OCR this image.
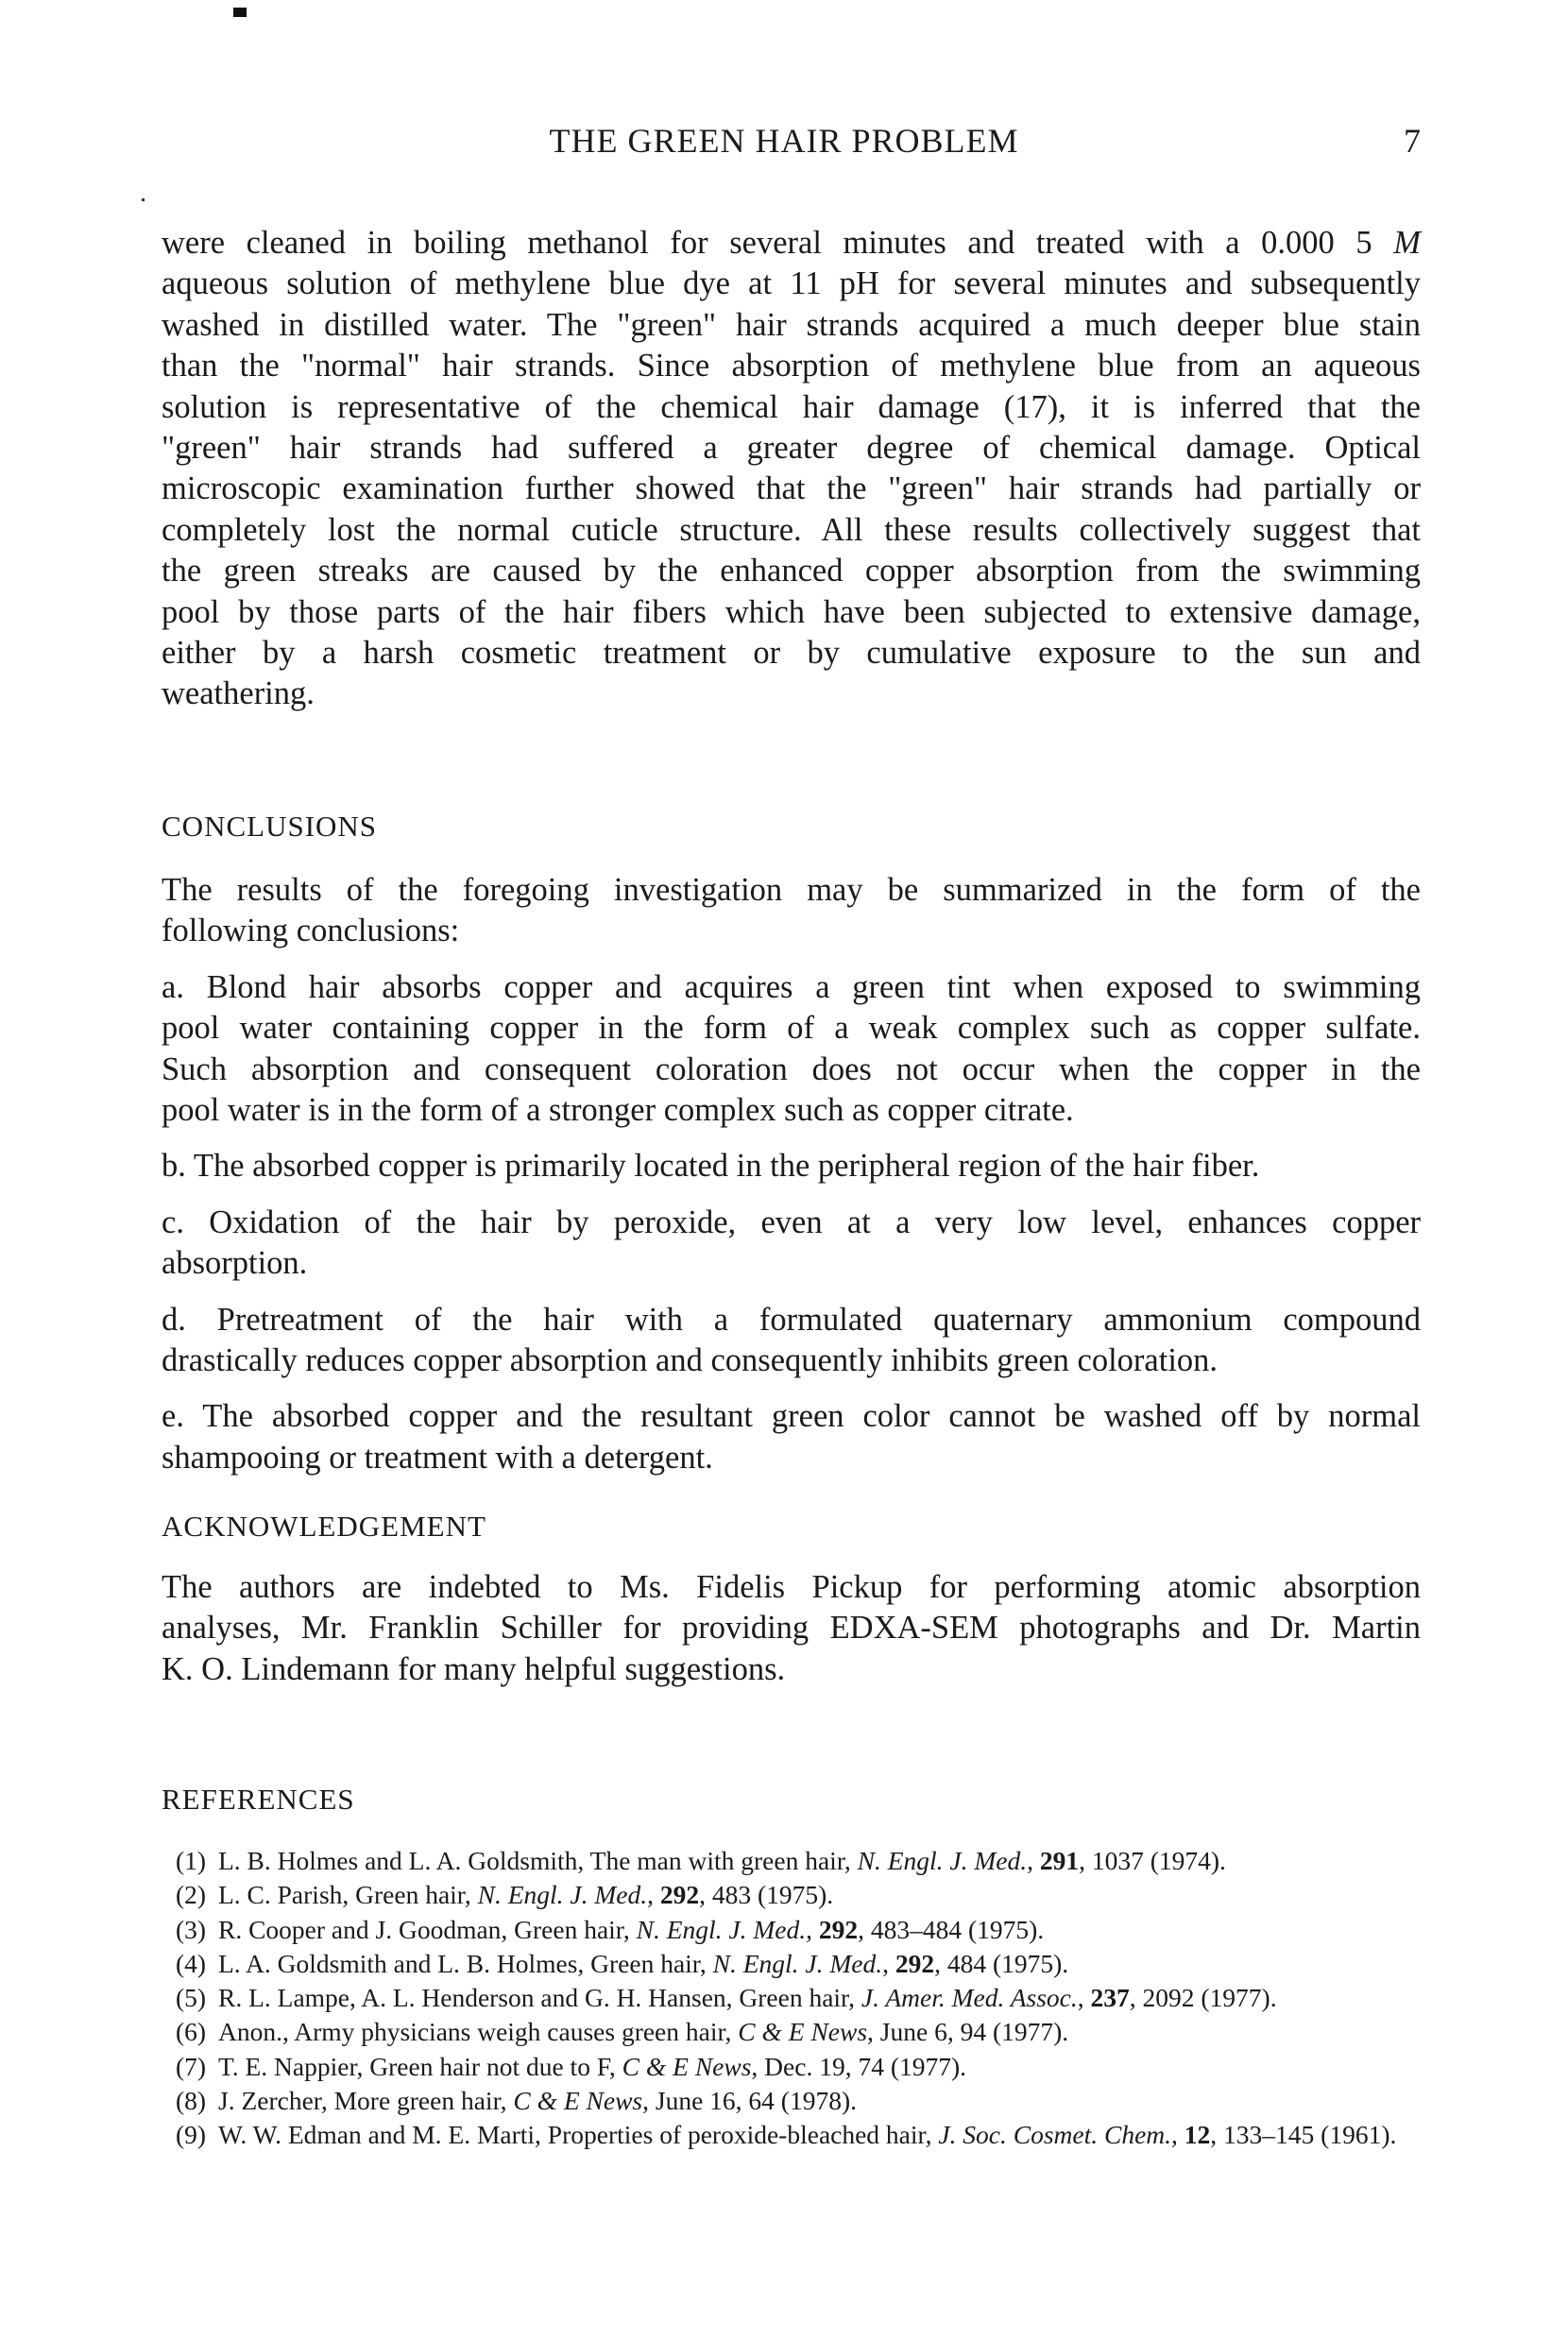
THE GREEN HAIR PROBLEM	7
were cleaned in boiling methanol for several minutes and treated with a 0.000 5 M
aqueous solution of methylene blue dye at 11 pH for several minutes and subsequently
washed in distilled water. The "green" hair strands acquired a much deeper blue stain
than the "normal" hair strands. Since absorption of methylene blue from an aqueous
solution is representative of the chemical hair damage (17), it is inferred that the
"green" hair strands had suffered a greater degree of chemical damage. Optical
microscopic examination further showed that the "green" hair strands had partially or
completely lost the normal cuticle structure. All these results collectively suggest that
the green streaks are caused by the enhanced copper absorption from the swimming
pool by those parts of the hair fibers which have been subjected to extensive damage,
either by a harsh cosmetic treatment or by cumulative exposure to the sun and
weathering.
CONCLUSIONS
The results of the foregoing investigation may be summarized in the form of the
following conclusions:
a. Blond hair absorbs copper and acquires a green tint when exposed to swimming
pool water containing copper in the form of a weak complex such as copper sulfate.
Such absorption and consequent coloration does not occur when the copper in the
pool water is in the form of a stronger complex such as copper citrate.
b. The absorbed copper is primarily located in the peripheral region of the hair fiber.
c. Oxidation of the hair by peroxide, even at a very low level, enhances copper
absorption.
d. Pretreatment of the hair with a formulated quaternary ammonium compound
drastically reduces copper absorption and consequently inhibits green coloration.
e. The absorbed copper and the resultant green color cannot be washed off by normal
shampooing or treatment with a detergent.
ACKNOWLEDGEMENT
The authors are indebted to Ms. Fidelis Pickup for performing atomic absorption
analyses, Mr. Franklin Schiller for providing EDXA-SEM photographs and Dr. Martin
K. O. Lindemann for many helpful suggestions.
REFERENCES
(1) L. B. Holmes and L. A. Goldsmith, The man with green hair, N. Engl. J. Med., 291, 1037 (1974).
(2) L. C. Parish, Green hair, N. Engl. J. Med., 292, 483 (1975).
(3) R. Cooper and J. Goodman, Green hair, N. Engl. J. Med., 292, 483–484 (1975).
(4) L. A. Goldsmith and L. B. Holmes, Green hair, N. Engl. J. Med., 292, 484 (1975).
(5) R. L. Lampe, A. L. Henderson and G. H. Hansen, Green hair, J. Amer. Med. Assoc., 237, 2092 (1977).
(6) Anon., Army physicians weigh causes green hair, C & E News, June 6, 94 (1977).
(7) T. E. Nappier, Green hair not due to F, C & E News, Dec. 19, 74 (1977).
(8) J. Zercher, More green hair, C & E News, June 16, 64 (1978).
(9) W. W. Edman and M. E. Marti, Properties of peroxide-bleached hair, J. Soc. Cosmet. Chem., 12, 133–145 (1961).
